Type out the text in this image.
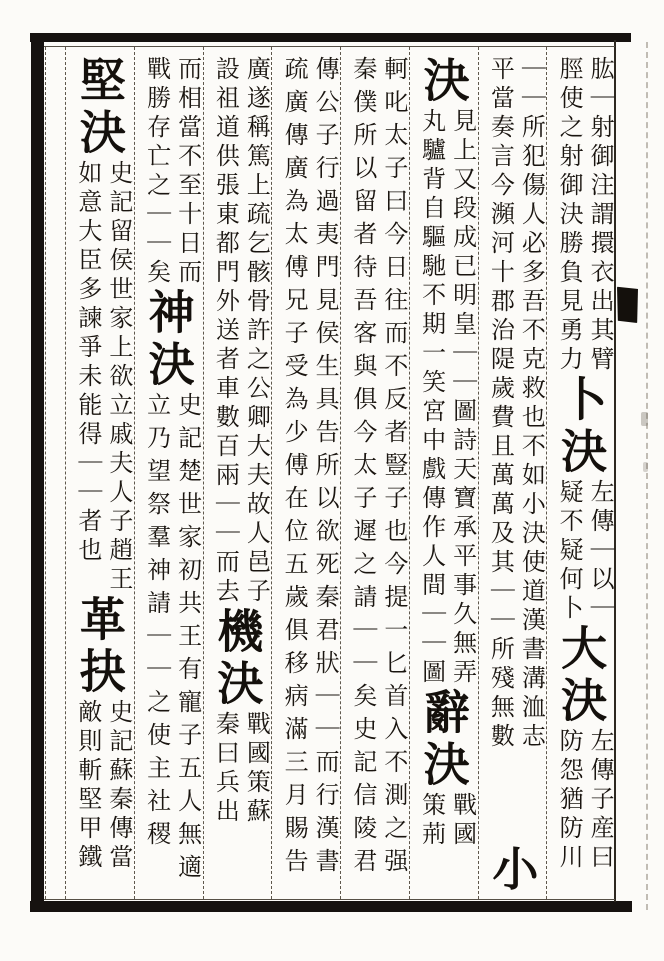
肱｜射御注謂擐衣出其臂
脛使之射御決勝負見勇力
卜決
左傳｜以｜
疑不疑何卜
大決
左傳子産曰
防怨猶防川
｜｜所犯傷人必多吾不克救也不如小決使道漢書溝洫志
平當奏言今瀕河十郡治隄歲費且萬萬及其｜｜所殘無數
小
決
見上又段成已明皇｜｜圖詩天寶承平事久無弄
丸驢背自驅馳不期一笑宮中戲傳作人間｜｜圖
辭決
戰國
策荊
軻叱太子曰今日往而不反者豎子也今提一匕首入不測之强
秦僕所以留者待吾客與俱今太子遲之請｜｜矣史記信陵君
傳公子行過夷門見侯生具告所以欲死秦君狀｜｜而行漢書
疏廣傳廣為太傅兄子受為少傅在位五歲俱移病滿三月賜告
廣遂稱篤上疏乞骸骨許之公卿大夫故人邑子
設祖道供張東都門外送者車數百兩｜｜而去
機決
戰國策蘇
秦曰兵出
而相當不至十日而
戰勝存亡之｜｜矣
神決
史記楚世家初共王有寵子五人無適
立乃望祭羣神請｜｜之使主社稷
堅決
史記留侯世家上欲立戚夫人子趙王
如意大臣多諫爭未能得｜｜者也
革抉
史記蘇秦傳當
敵則斬堅甲鐵
